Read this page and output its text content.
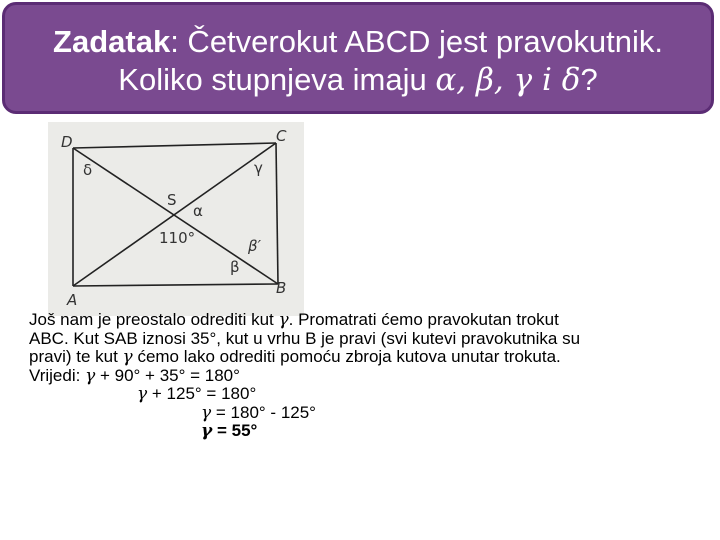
Zadatak: Četverokut ABCD jest pravokutnik.
Koliko stupnjeva imaju α, β, γ i δ?
D	C
A
B
δ	γ
S
α
110°	β′
β
Još nam je preostalo odrediti kut γ. Promatrati ćemo pravokutan trokut
ABC. Kut SAB iznosi 35°, kut u vrhu B je pravi (svi kutevi pravokutnika su
pravi) te kut γ ćemo lako odrediti pomoću zbroja kutova unutar trokuta.
Vrijedi: γ + 90° + 35° = 180°
γ + 125° = 180°
γ = 180° - 125°
γ = 55°
